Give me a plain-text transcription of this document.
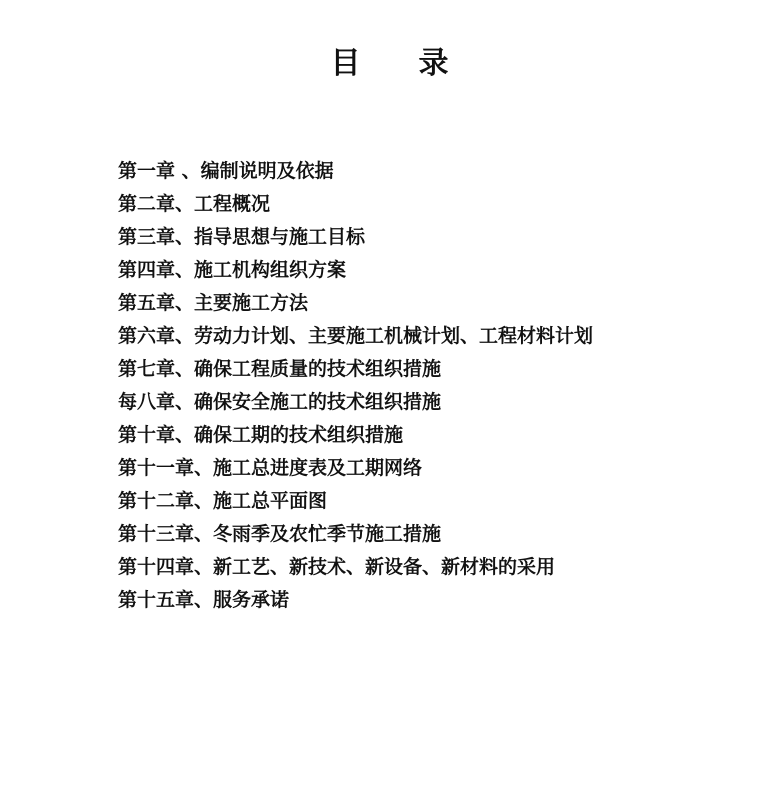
目 录
第一章 、编制说明及依据
第二章、工程概况
第三章、指导思想与施工目标
第四章、施工机构组织方案
第五章、主要施工方法
第六章、劳动力计划、主要施工机械计划、工程材料计划
第七章、确保工程质量的技术组织措施
每八章、确保安全施工的技术组织措施
第十章、确保工期的技术组织措施
第十一章、施工总进度表及工期网络
第十二章、施工总平面图
第十三章、冬雨季及农忙季节施工措施
第十四章、新工艺、新技术、新设备、新材料的采用
第十五章、服务承诺
